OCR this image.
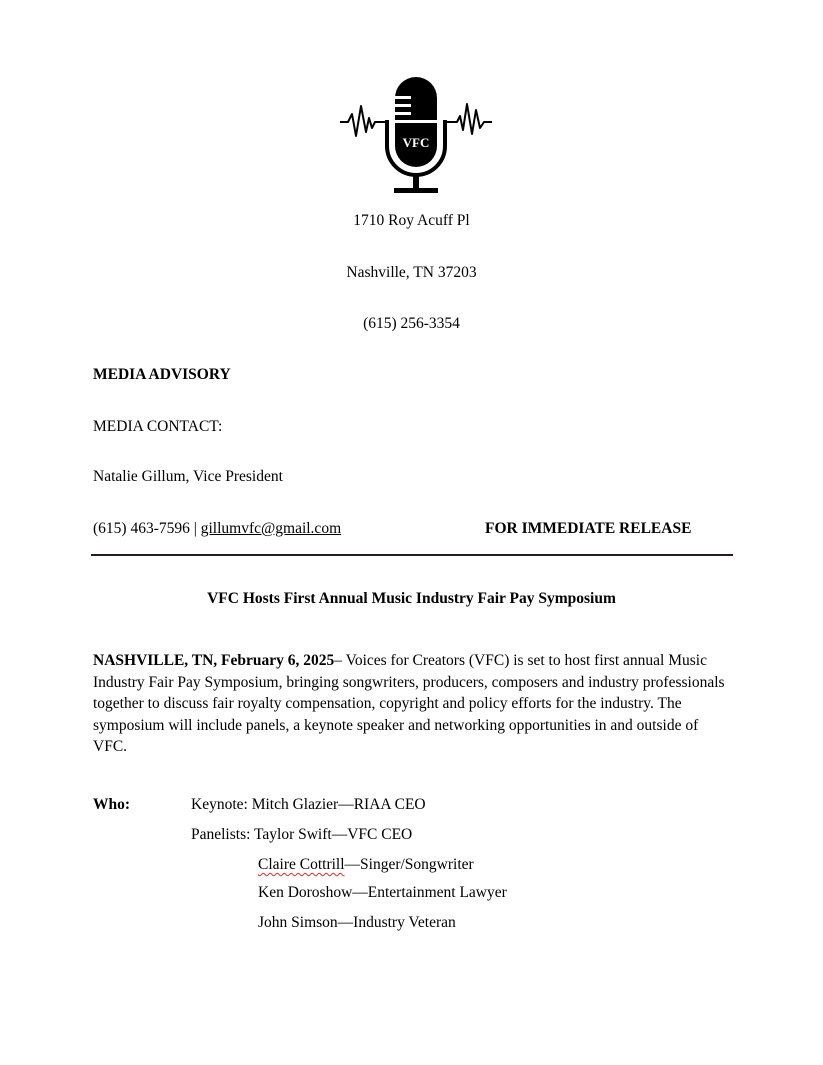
VFC
1710 Roy Acuff Pl
Nashville, TN 37203
(615) 256-3354
MEDIA ADVISORY
MEDIA CONTACT:
Natalie Gillum, Vice President
(615) 463-7596 | gillumvfc@gmail.com	FOR IMMEDIATE RELEASE
VFC Hosts First Annual Music Industry Fair Pay Symposium
NASHVILLE, TN, February 6, 2025– Voices for Creators (VFC) is set to host first annual Music Industry Fair Pay Symposium, bringing songwriters, producers, composers and industry professionals together to discuss fair royalty compensation, copyright and policy efforts for the industry. The symposium will include panels, a keynote speaker and networking opportunities in and outside of VFC.
Who:	Keynote: Mitch Glazier—RIAA CEO
Panelists: Taylor Swift—VFC CEO
Claire Cottrill—Singer/Songwriter
Ken Doroshow—Entertainment Lawyer
John Simson—Industry Veteran
